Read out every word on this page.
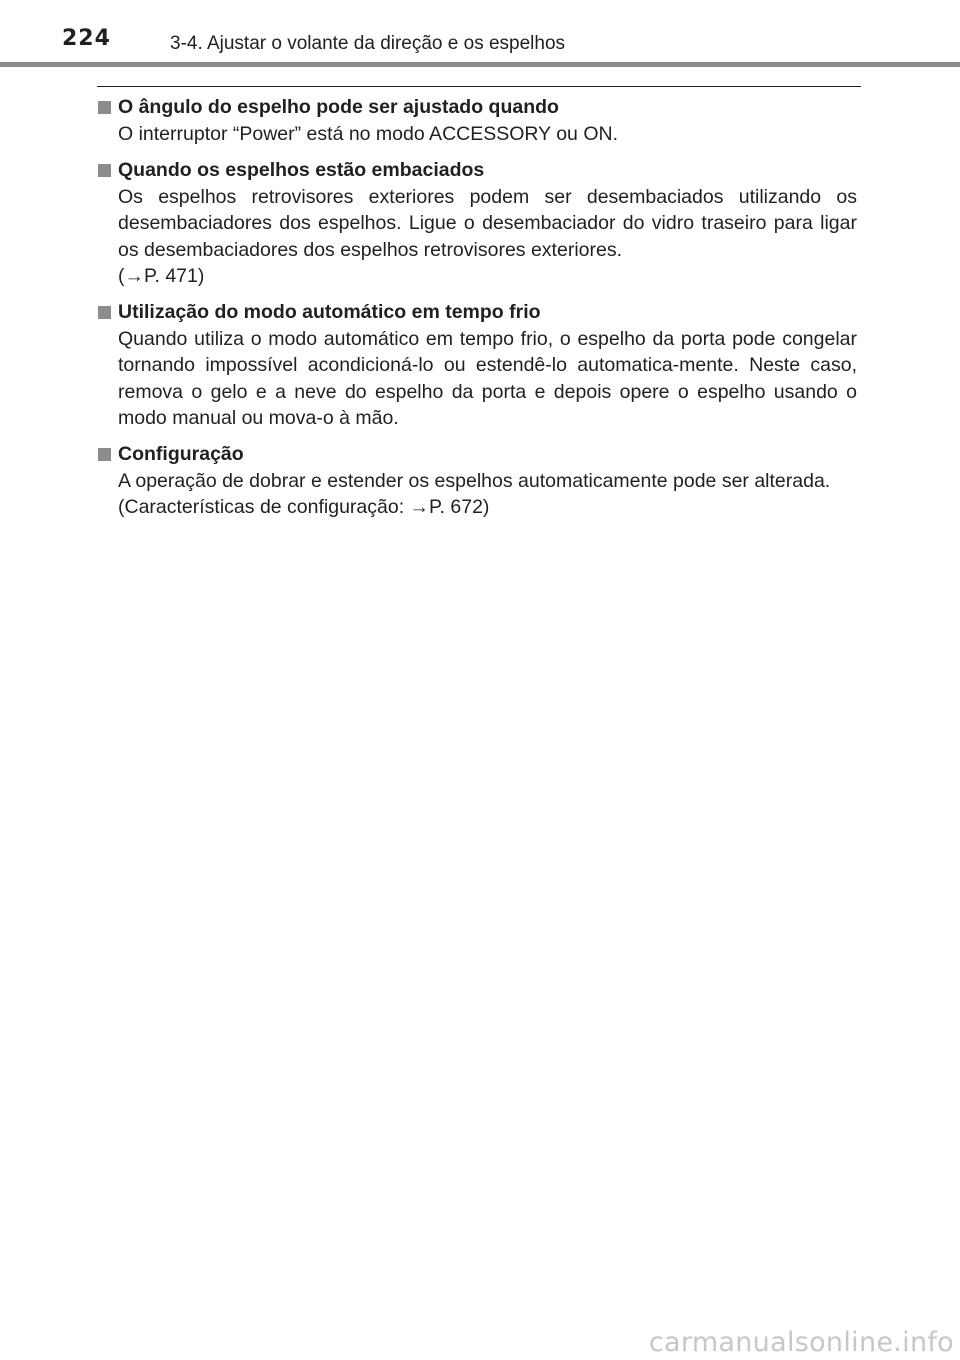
224	3-4. Ajustar o volante da direção e os espelhos
O ângulo do espelho pode ser ajustado quando

O interruptor “Power” está no modo ACCESSORY ou ON.

Quando os espelhos estão embaciados

Os espelhos retrovisores exteriores podem ser desembaciados utilizando os desembaciadores dos espelhos. Ligue o desembaciador do vidro traseiro para ligar os desembaciadores dos espelhos retrovisores exteriores.

(→P. 471)

Utilização do modo automático em tempo frio

Quando utiliza o modo automático em tempo frio, o espelho da porta pode congelar tornando impossível acondicioná-lo ou estendê-lo automatica-mente. Neste caso, remova o gelo e a neve do espelho da porta e depois opere o espelho usando o modo manual ou mova-o à mão.

Configuração

A operação de dobrar e estender os espelhos automaticamente pode ser alterada.

(Características de configuração: →P. 672)

carmanualsonline.info
